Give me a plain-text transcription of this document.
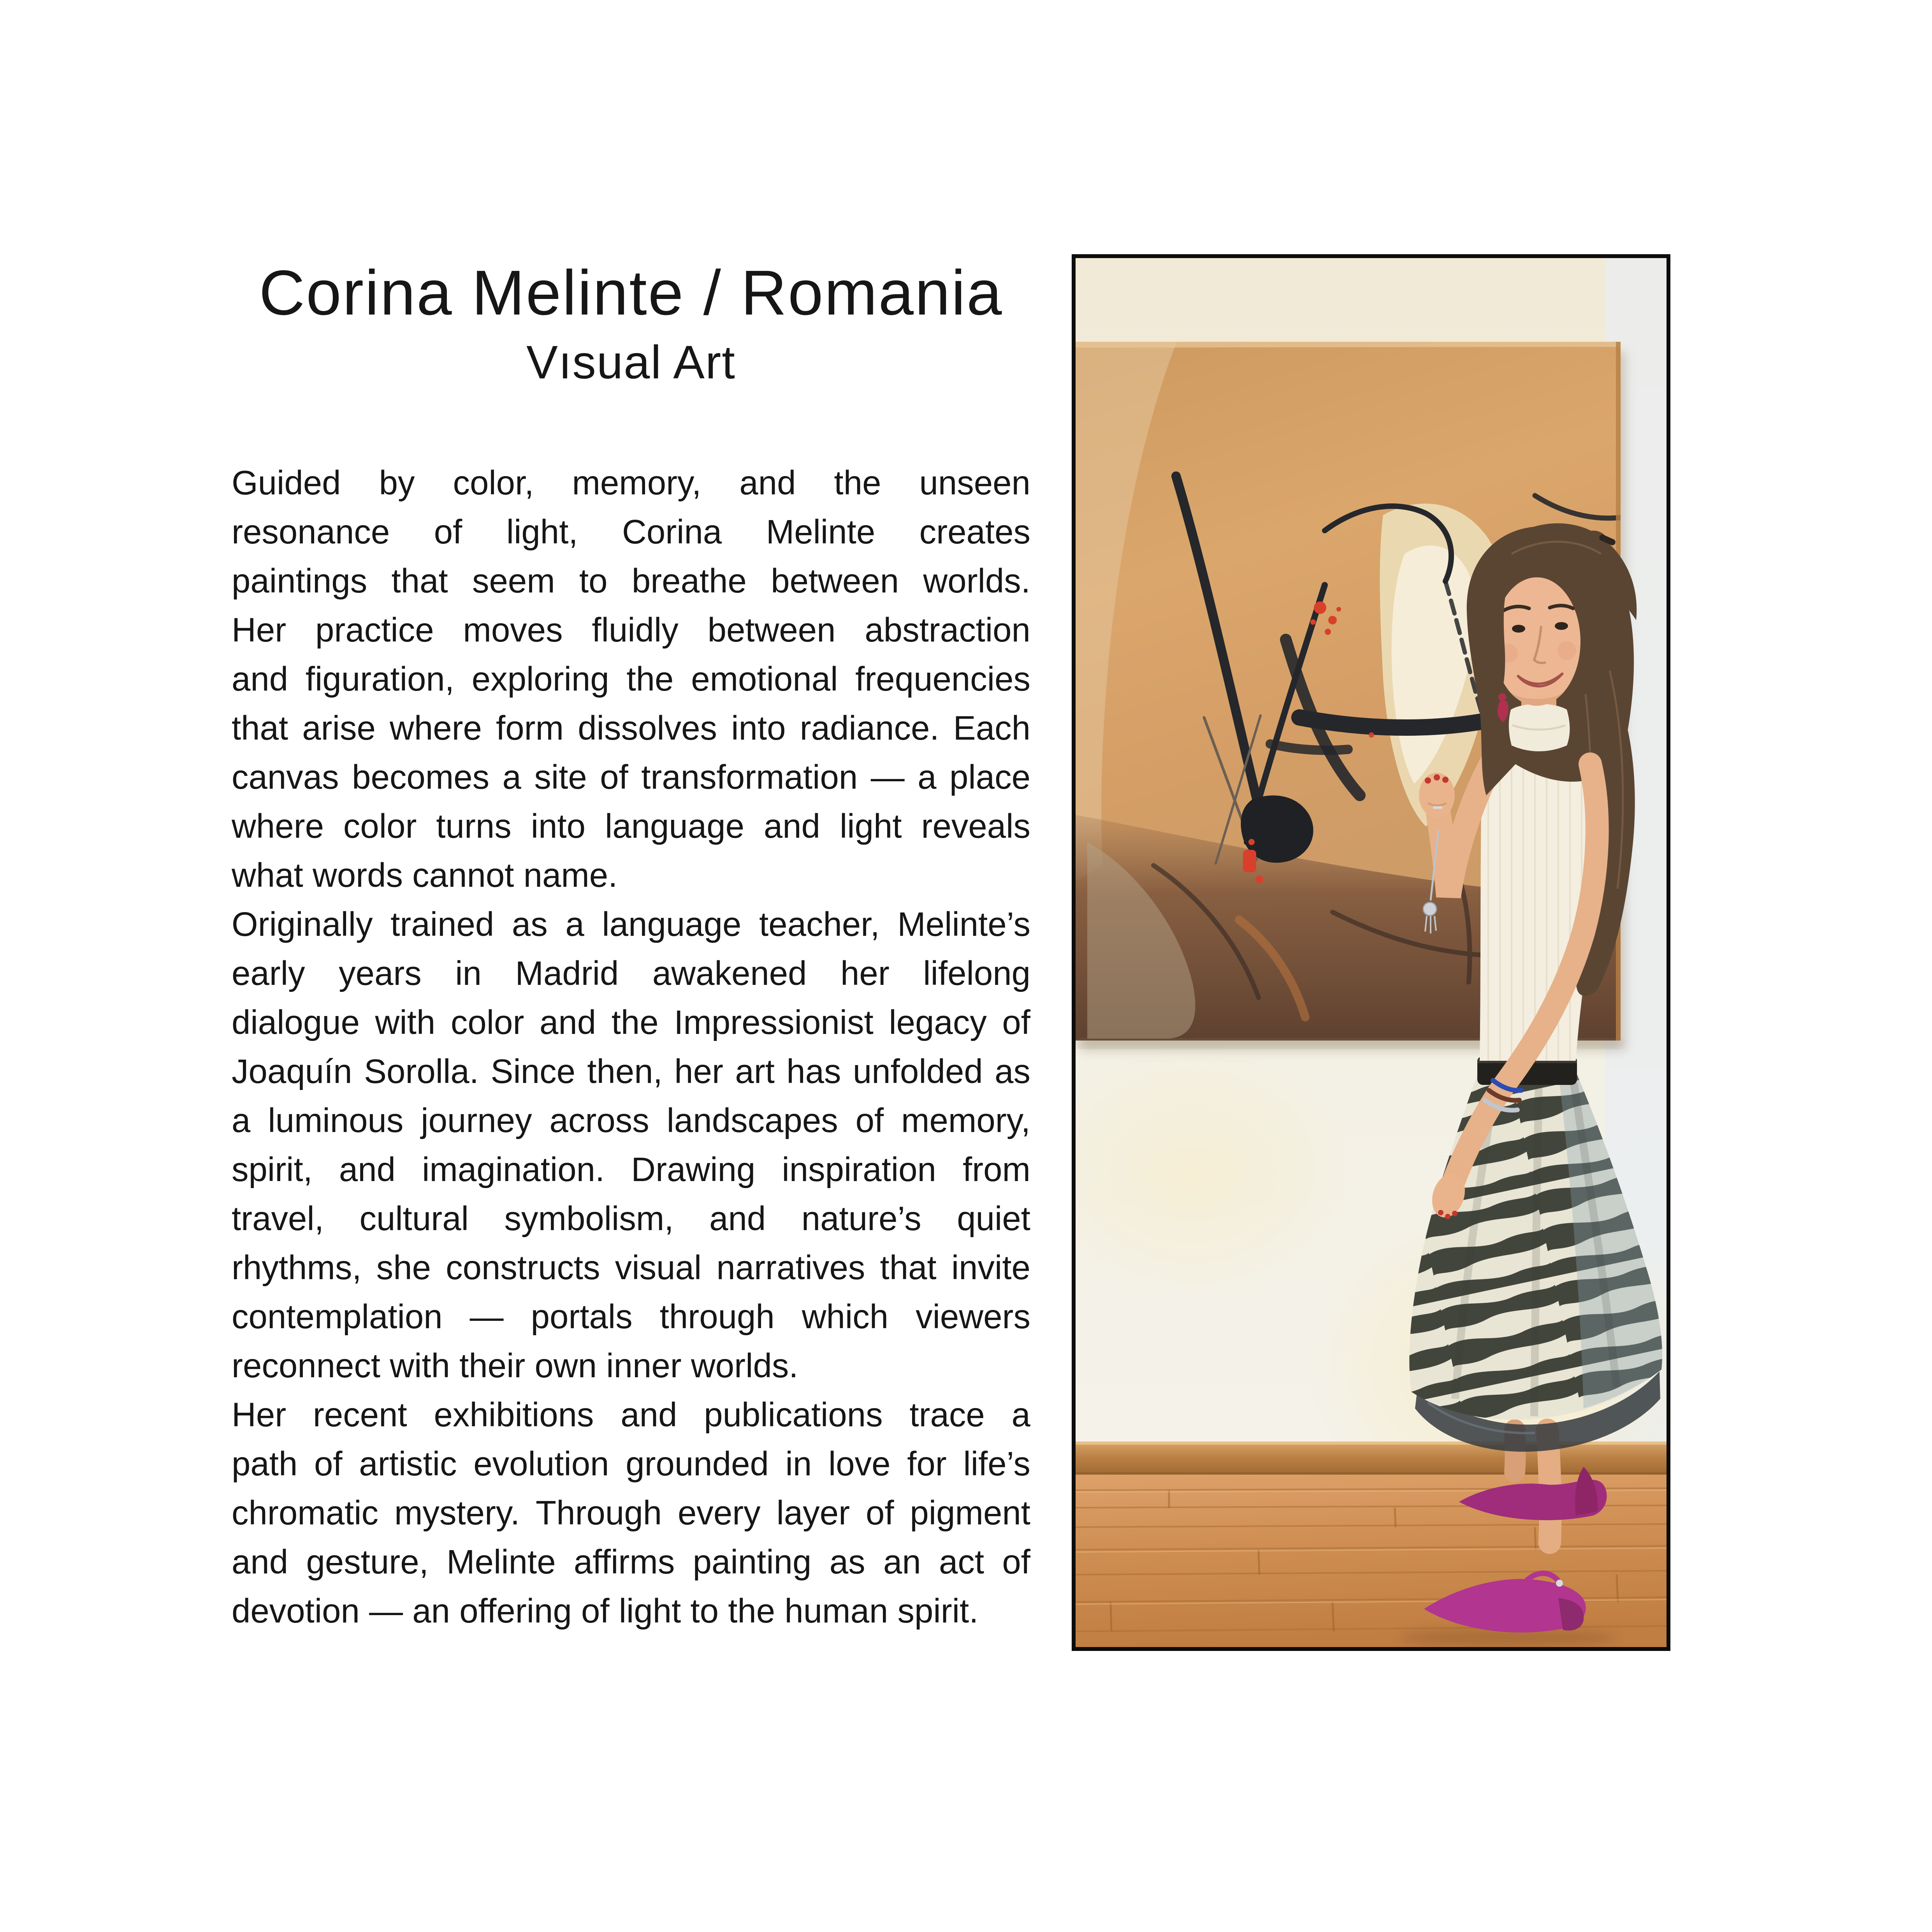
Corina Melinte / Romania
Vısual Art
Guided by color, memory, and the unseen
resonance of light, Corina Melinte creates
paintings that seem to breathe between worlds.
Her practice moves fluidly between abstraction
and figuration, exploring the emotional frequencies
that arise where form dissolves into radiance. Each
canvas becomes a site of transformation — a place
where color turns into language and light reveals
what words cannot name.
Originally trained as a language teacher, Melinte’s
early years in Madrid awakened her lifelong
dialogue with color and the Impressionist legacy of
Joaquín Sorolla. Since then, her art has unfolded as
a luminous journey across landscapes of memory,
spirit, and imagination. Drawing inspiration from
travel, cultural symbolism, and nature’s quiet
rhythms, she constructs visual narratives that invite
contemplation — portals through which viewers
reconnect with their own inner worlds.
Her recent exhibitions and publications trace a
path of artistic evolution grounded in love for life’s
chromatic mystery. Through every layer of pigment
and gesture, Melinte affirms painting as an act of
devotion — an offering of light to the human spirit.
